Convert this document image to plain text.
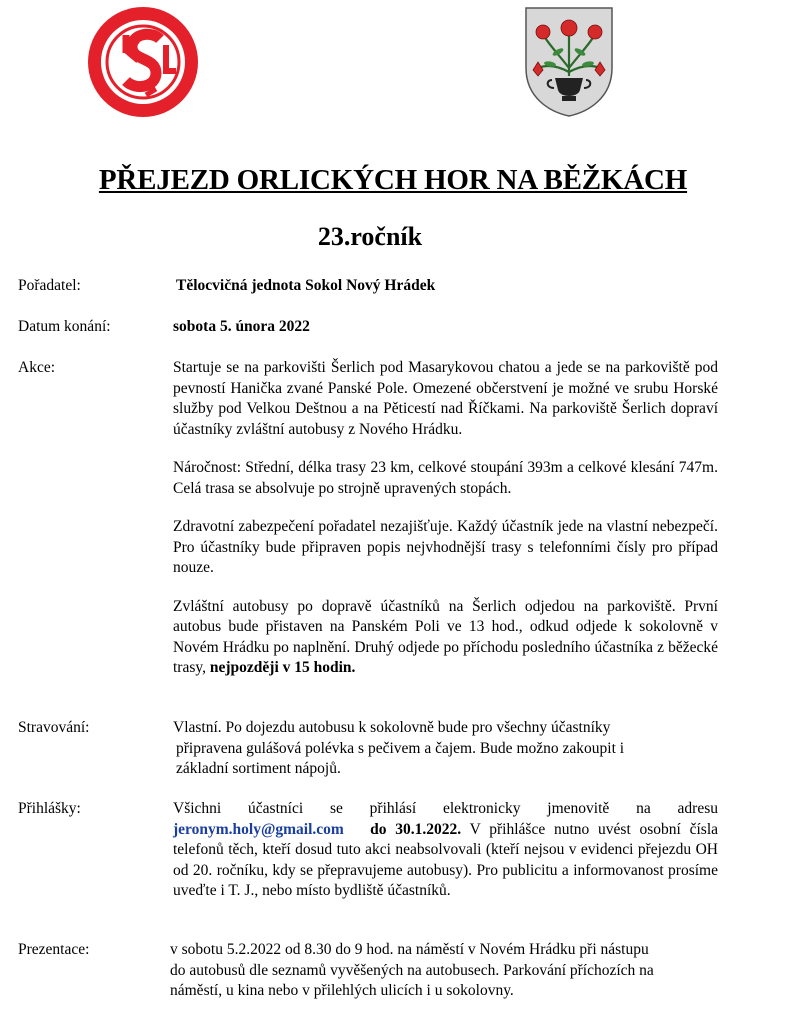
PŘEJEZD ORLICKÝCH HOR NA BĚŽKÁCH
23.ročník
Pořadatel:	Tělocvičná jednota Sokol Nový Hrádek
Datum konání:	sobota 5. února 2022
Akce:	Startuje se na parkovišti Šerlich pod Masarykovou chatou a jede se na parkoviště pod pevností Hanička zvané Panské Pole. Omezené občerstvení je možné ve srubu Horské služby pod Velkou Deštnou a na Pěticestí nad Říčkami. Na parkoviště Šerlich dopraví účastníky zvláštní autobusy z Nového Hrádku.

Náročnost: Střední, délka trasy 23 km, celkové stoupání 393m a celkové klesání 747m. Celá trasa se absolvuje po strojně upravených stopách.

Zdravotní zabezpečení pořadatel nezajišťuje. Každý účastník jede na vlastní nebezpečí. Pro účastníky bude připraven popis nejvhodnější trasy s telefonními čísly pro případ nouze.

Zvláštní autobusy po dopravě účastníků na Šerlich odjedou na parkoviště. První autobus bude přistaven na Panském Poli ve 13 hod., odkud odjede k sokolovně v Novém Hrádku po naplnění. Druhý odjede po příchodu posledního účastníka z běžecké trasy, nejpozději v 15 hodin.

Stravování:	Vlastní. Po dojezdu autobusu k sokolovně bude pro všechny účastníky
připravena gulášová polévka s pečivem a čajem. Bude možno zakoupit i
základní sortiment nápojů.
Přihlášky:	Všichni účastníci se přihlásí elektronicky jmenovitě na adresu
jeronym.holy@gmail.com do 30.1.2022. V přihlášce nutno uvést osobní čísla telefonů těch, kteří dosud tuto akci neabsolvovali (kteří nejsou v evidenci přejezdu OH od 20. ročníku, kdy se přepravujeme autobusy). Pro publicitu a informovanost prosíme uveďte i T. J., nebo místo bydliště účastníků.
Prezentace:	v sobotu 5.2.2022 od 8.30 do 9 hod. na náměstí v Novém Hrádku při nástupu
do autobusů dle seznamů vyvěšených na autobusech. Parkování příchozích na
náměstí, u kina nebo v přilehlých ulicích i u sokolovny.
